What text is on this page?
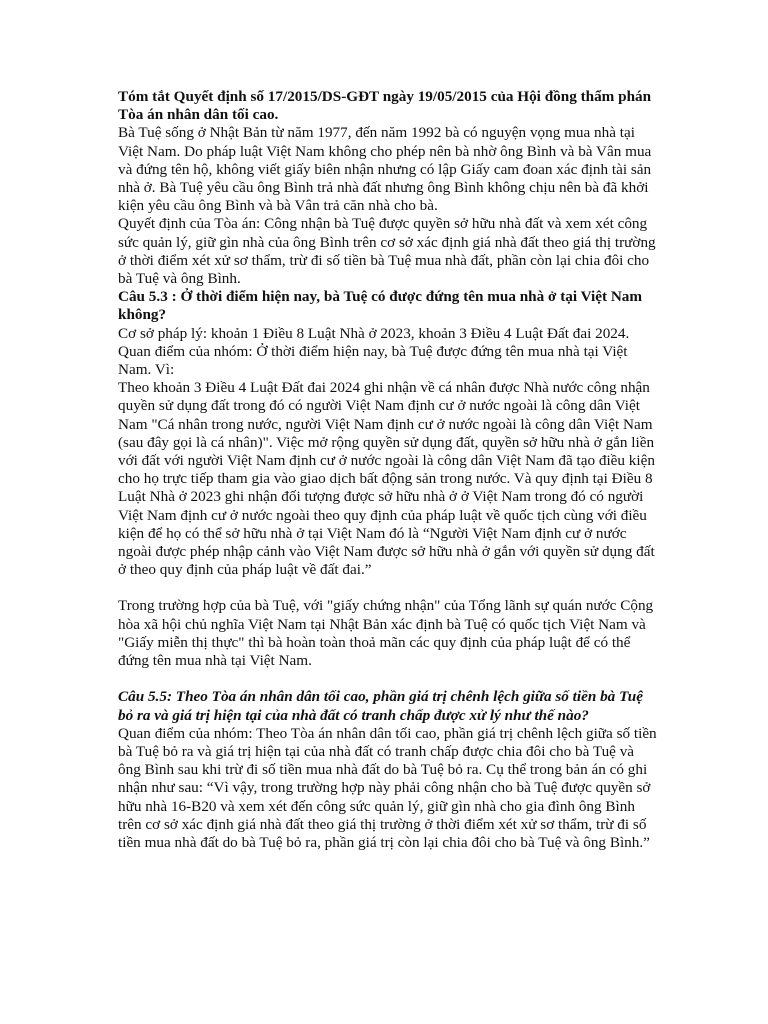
Tóm tắt Quyết định số 17/2015/DS-GĐT ngày 19/05/2015 của Hội đồng thẩm phán Tòa án nhân dân tối cao.

Bà Tuệ sống ở Nhật Bản từ năm 1977, đến năm 1992 bà có nguyện vọng mua nhà tại Việt Nam. Do pháp luật Việt Nam không cho phép nên bà nhờ ông Bình và bà Vân mua và đứng tên hộ, không viết giấy biên nhận nhưng có lập Giấy cam đoan xác định tài sản nhà ở. Bà Tuệ yêu cầu ông Bình trả nhà đất nhưng ông Bình không chịu nên bà đã khởi kiện yêu cầu ông Bình và bà Vân trả căn nhà cho bà.

Quyết định của Tòa án: Công nhận bà Tuệ được quyền sở hữu nhà đất và xem xét công sức quản lý, giữ gìn nhà của ông Bình trên cơ sở xác định giá nhà đất theo giá thị trường ở thời điểm xét xử sơ thẩm, trừ đi số tiền bà Tuệ mua nhà đất, phần còn lại chia đôi cho bà Tuệ và ông Bình.

Câu 5.3 : Ở thời điểm hiện nay, bà Tuệ có được đứng tên mua nhà ở tại Việt Nam không?

Cơ sở pháp lý: khoản 1 Điều 8 Luật Nhà ở 2023, khoản 3 Điều 4 Luật Đất đai 2024.

Quan điểm của nhóm: Ở thời điểm hiện nay, bà Tuệ được đứng tên mua nhà tại Việt Nam. Vì:

Theo khoản 3 Điều 4 Luật Đất đai 2024 ghi nhận về cá nhân được Nhà nước công nhận quyền sử dụng đất trong đó có người Việt Nam định cư ở nước ngoài là công dân Việt Nam "Cá nhân trong nước, người Việt Nam định cư ở nước ngoài là công dân Việt Nam (sau đây gọi là cá nhân)". Việc mở rộng quyền sử dụng đất, quyền sở hữu nhà ở gắn liền với đất với người Việt Nam định cư ở nước ngoài là công dân Việt Nam đã tạo điều kiện cho họ trực tiếp tham gia vào giao dịch bất động sản trong nước. Và quy định tại Điều 8 Luật Nhà ở 2023 ghi nhận đối tượng được sở hữu nhà ở ở Việt Nam trong đó có người Việt Nam định cư ở nước ngoài theo quy định của pháp luật về quốc tịch cùng với điều kiện để họ có thể sở hữu nhà ở tại Việt Nam đó là “Người Việt Nam định cư ở nước ngoài được phép nhập cảnh vào Việt Nam được sở hữu nhà ở gắn với quyền sử dụng đất ở theo quy định của pháp luật về đất đai.”

Trong trường hợp của bà Tuệ, với "giấy chứng nhận" của Tổng lãnh sự quán nước Cộng hòa xã hội chủ nghĩa Việt Nam tại Nhật Bản xác định bà Tuệ có quốc tịch Việt Nam và "Giấy miễn thị thực" thì bà hoàn toàn thoả mãn các quy định của pháp luật để có thể đứng tên mua nhà tại Việt Nam.

Câu 5.5: Theo Tòa án nhân dân tối cao, phần giá trị chênh lệch giữa số tiền bà Tuệ bỏ ra và giá trị hiện tại của nhà đất có tranh chấp được xử lý như thế nào?

Quan điểm của nhóm: Theo Tòa án nhân dân tối cao, phần giá trị chênh lệch giữa số tiền bà Tuệ bỏ ra và giá trị hiện tại của nhà đất có tranh chấp được chia đôi cho bà Tuệ và ông Bình sau khi trừ đi số tiền mua nhà đất do bà Tuệ bỏ ra. Cụ thể trong bản án có ghi nhận như sau: “Vì vậy, trong trường hợp này phải công nhận cho bà Tuệ được quyền sở hữu nhà 16-B20 và xem xét đến công sức quản lý, giữ gìn nhà cho gia đình ông Bình trên cơ sở xác định giá nhà đất theo giá thị trường ở thời điểm xét xử sơ thẩm, trừ đi số tiền mua nhà đất do bà Tuệ bỏ ra, phần giá trị còn lại chia đôi cho bà Tuệ và ông Bình.”
